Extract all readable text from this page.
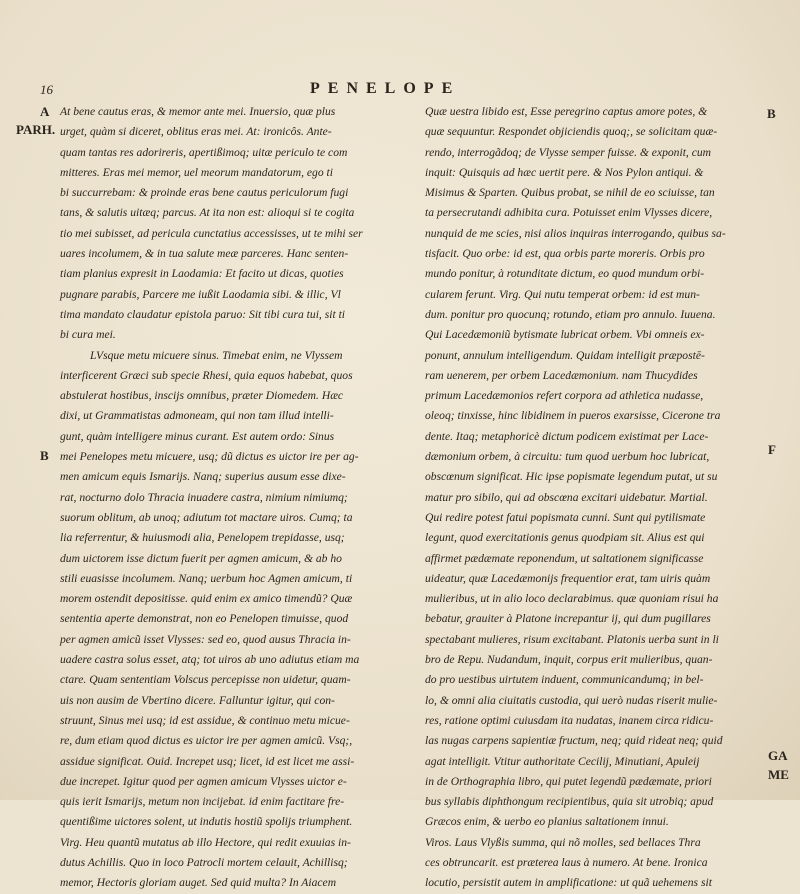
16	PENELOPE
A
PARH.
B
B
F
GA
ME
At bene cautus eras, & memor ante mei. Inuersio, quæ plus
urget, quàm si diceret, oblitus eras mei. At: ironicôs. Ante-
quam tantas res adorireris, apertißimoq; uitæ periculo te com
mitteres. Eras mei memor, uel meorum mandatorum, ego ti
bi succurrebam: & proinde eras bene cautus periculorum fugi
tans, & salutis uitæq; parcus. At ita non est: alioqui si te cogita
tio mei subisset, ad pericula cunctatius accessisses, ut te mihi ser
uares incolumem, & in tua salute meæ parceres. Hanc senten-
tiam planius expresit in Laodamia: Et facito ut dicas, quoties
pugnare parabis, Parcere me iußit Laodamia sibi. & illic, Vl
tima mandato claudatur epistola paruo: Sit tibi cura tui, sit ti
bi cura mei.
LVsque metu micuere sinus. Timebat enim, ne Vlyssem
interficerent Græci sub specie Rhesi, quia equos habebat, quos
abstulerat hostibus, inscijs omnibus, præter Diomedem. Hæc
dixi, ut Grammatistas admoneam, qui non tam illud intelli-
gunt, quàm intelligere minus curant. Est autem ordo: Sinus
mei Penelopes metu micuere, usq; dũ dictus es uictor ire per ag-
men amicum equis Ismarijs. Nanq; superius ausum esse dixe-
rat, nocturno dolo Thracia inuadere castra, nimium nimiumq;
suorum oblitum, ab unoq; adiutum tot mactare uiros. Cumq; ta
lia referrentur, & huiusmodi alia, Penelopem trepidasse, usq;
dum uictorem isse dictum fuerit per agmen amicum, & ab ho
stili euasisse incolumem. Nanq; uerbum hoc Agmen amicum, ti
morem ostendit depositisse. quid enim ex amico timendũ? Quæ
sententia aperte demonstrat, non eo Penelopen timuisse, quod
per agmen amicũ isset Vlysses: sed eo, quod ausus Thracia in-
uadere castra solus esset, atq; tot uiros ab uno adiutus etiam ma
ctare. Quam sententiam Volscus percepisse non uidetur, quam-
uis non ausim de Vbertino dicere. Falluntur igitur, qui con-
struunt, Sinus mei usq; id est assidue, & continuo metu micue-
re, dum etiam quod dictus es uictor ire per agmen amicũ. Vsq;,
assidue significat. Ouid. Increpet usq; licet, id est licet me assi-
due increpet. Igitur quod per agmen amicum Vlysses uictor e-
quis ierit Ismarijs, metum non incijebat. id enim factitare fre-
quentißime uictores solent, ut indutis hostiũ spolijs triumphent.
Virg. Heu quantũ mutatus ab illo Hectore, qui redit exuuias in-
dutus Achillis. Quo in loco Patrocli mortem celauit, Achillisq;
memor, Hectoris gloriam auget. Sed quid multa? In Aiacem
Quæ uestra libido est, Esse peregrino captus amore potes, &
quæ sequuntur. Respondet objiciendis quoq;, se solicitam quæ-
rendo, interrogãdoq; de Vlysse semper fuisse. & exponit, cum
inquit: Quisquis ad hæc uertit pere. & Nos Pylon antiqui. &
Misimus & Sparten. Quibus probat, se nihil de eo sciuisse, tan
ta persecrutandi adhibita cura. Potuisset enim Vlysses dicere,
nunquid de me scies, nisi alios inquiras interrogando, quibus sa-
tisfacit. Quo orbe: id est, qua orbis parte moreris. Orbis pro
mundo ponitur, à rotunditate dictum, eo quod mundum orbi-
cularem ferunt. Virg. Qui nutu temperat orbem: id est mun-
dum. ponitur pro quocunq; rotundo, etiam pro annulo. Iuuena.
Qui Lacedæmoniũ bytismate lubricat orbem. Vbi omneis ex-
ponunt, annulum intelligendum. Quidam intelligit præpostē-
ram uenerem, per orbem Lacedæmonium. nam Thucydides
primum Lacedæmonios refert corpora ad athletica nudasse,
oleoq; tinxisse, hinc libidinem in pueros exarsisse, Cicerone tra
dente. Itaq; metaphoricè dictum podicem existimat per Lace-
dæmonium orbem, à circuitu: tum quod uerbum hoc lubricat,
obscœnum significat. Hic ipse popismate legendum putat, ut su
matur pro sibilo, qui ad obscœna excitari uidebatur. Martial.
Qui redire potest fatui popismata cunni. Sunt qui pytilismate
legunt, quod exercitationis genus quodpiam sit. Alius est qui
affirmet pædæmate reponendum, ut saltationem significasse
uideatur, quæ Lacedæmonijs frequentior erat, tam uiris quàm
mulieribus, ut in alio loco declarabimus. quæ quoniam risui ha
bebatur, grauiter à Platone increpantur ij, qui dum pugillares
spectabant mulieres, risum excitabant. Platonis uerba sunt in li
bro de Repu. Nudandum, inquit, corpus erit mulieribus, quan-
do pro uestibus uirtutem induent, communicandumq; in bel-
lo, & omni alia ciuitatis custodia, qui uerò nudas riserit mulie-
res, ratione optimi cuiusdam ita nudatas, inanem circa ridicu-
las nugas carpens sapientiæ fructum, neq; quid rideat neq; quid
agat intelligit. Vtitur authoritate Cecilij, Minutiani, Apuleij
in de Orthographia libro, qui putet legendũ pædæmate, priori
bus syllabis diphthongum recipientibus, quia sit utrobiq; apud
Græcos enim, & uerbo eo planius saltationem innui.
Viros. Laus Vlyßis summa, qui nõ molles, sed bellaces Thra
ces obtruncarit. est præterea laus à numero. At bene. Ironica
locutio, persistit autem in amplificatione: ut quã uehemens sit
